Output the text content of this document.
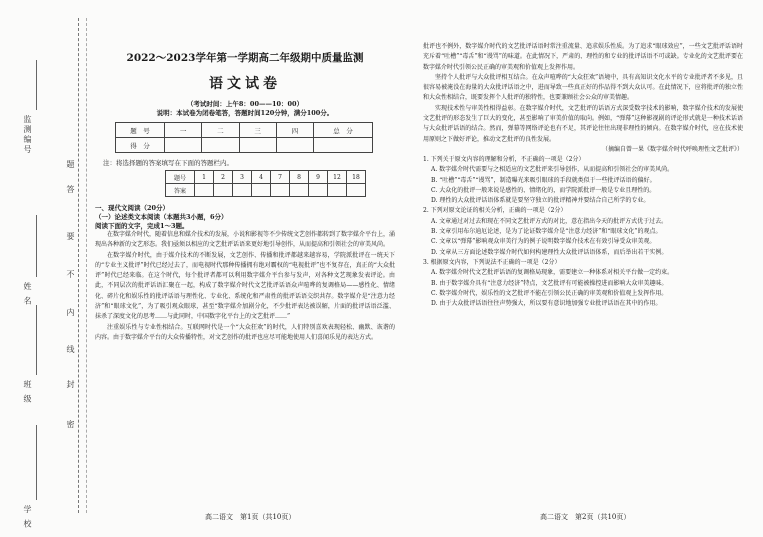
监测编号
姓 名
班 级
学 校
题
答
要
不
内
线
封
密
2022～2023学年第一学期高二年级期中质量监测
语文试卷
（考试时间：上午8：00——10：00）
说明：本试卷为闭卷笔答，答题时间120分钟，满分100分。
题　号	一	二	三	四	总　分
得　分					
注：将选择题的答案填写在下面的答题栏内。
题号	1	2	3	4	7	8	9	12	18
答案									
一、现代文阅读（20分）
（一）论述类文本阅读（本题共3小题，6分）
阅读下面的文字，完成1～3题。

在数字媒介时代，随着信息和媒介技术的发展，小说和影视等不少传统文艺创作都转到了数字媒介平台上，涌现出各种新的文艺形态。我们亟须以相应的文艺批评话语来更好地引导创作，从而提高和引领社会的审美风尚。

在数字媒介时代，由于媒介技术的不断发展，文艺创作、传播和批评都越来越容易，学院派批评在一统天下的“专业主义批评”时代已经过去了，而电视时代那种传播拥有绝对霸权的“电视批评”也不复存在，真正的“大众批评”时代已经来临。在这个时代，每个批评者都可以利用数字媒介平台参与发声，对各种文艺现象发表评论。由此，不同层次的批评话语汇聚在一起，构成了数字媒介时代文艺批评话语众声喧哗的复调格局——感性化、情绪化、碎片化和娱乐性的批评话语与理性化、专业化、系统化和严肃性的批评话语交织共存。数字媒介是“注意力经济”和“眼球文化”，为了吸引观众眼球，甚至“数字媒介加剧分化，不少批评表达被误解，片面的批评话语泛滥、抹杀了深度文化的思考……与此同时，中国数字化平台上的文艺批评……”

注重娱乐性与专业性相结合。互联网时代是一个“大众狂欢”的时代，人们特别喜欢表现轻松、幽默、诙谐的内容。由于数字媒介平台的大众传播特性，对文艺创作的批评也应尽可能地使用人们喜闻乐见的表达方式。

高二语文　第1页（共10页）

批评也不例外，数字媒介时代的文艺批评话语时常注重流量、追求娱乐性质。为了追求“眼球效应”，一些文艺批评话语时充斥着“吐槽”“毒舌”和“谩骂”的味道。在此情况下，严肃的、理性的和专业的批评话语不可或缺。专业化的文艺批评要在数字媒介时代引领公民正确的审美观和价值观上发挥作用。

坚持个人批评与大众批评相互结合。在众声喧哗的“大众狂欢”语境中，具有高知识文化水平的专业批评者不多见，且很容易被淹没在海量的大众批评话语之中，进而导致一些真正好的作品得不到大众认可。在此情况下，应将批评的独立性和大众性相结合，既要发挥个人批评的独特性，也要兼顾社会公众的审美情趣。

实现技术性与审美性相得益彰。在数字媒介时代，文艺批评的话语方式深受数字技术的影响，数字媒介技术的发展使文艺批评的形态发生了巨大的变化，甚至影响了审美价值的取向。例如，“弹幕”这种影视剧的评论形式就是一种技术话语与大众批评话语的结合。然而，弹幕等网络评论也有不足，其评论往往出现非理性的倾向。在数字媒介时代，应在技术使用原则之下做好评论，推动文艺批评的良性发展。

（摘编自曾一果《数字媒介时代呼唤理性文艺批评》）

1. 下列关于原文内容的理解和分析，不正确的一项是（2分）

A. 数字媒介时代需要与之相适应的文艺批评来引导创作，从而提高和引领社会的审美风尚。

B. “吐槽”“毒舌”“谩骂”，制造曝光来吸引眼球的手段就类似于一些批评话语的偏好。

C. 大众化的批评一般来说是感性的、情绪化的，而学院派批评一般是专业且理性的。

D. 理性的大众批评话语体系就是要坚守独立的批评精神并要结合自己所学的专业。

2. 下列对原文论证的相关分析，正确的一项是（2分）

A. 文章通过对过去和现在不同文艺批评方式的对比，意在指出今天的批评方式优于过去。

B. 文章引用布尔迪厄论述，是为了论证数字媒介是“注意力经济”和“眼球文化”的观点。

C. 文章以“弹幕”影响观众审美行为的例子说明数字媒介技术在有效引导受众审美观。

D. 文章从三方面论述数字媒介时代如何构建理性大众批评话语体系，而后举出若干实例。

3. 根据原文内容，下列说法不正确的一项是（2分）

A. 数字媒介时代文艺批评话语的复调格局现象，需要建立一种体系对相关平台做一定约束。

B. 由于数字媒介具有“注意力经济”特点，文艺批评有可能被操控进而影响大众审美趣味。

C. 数字媒介时代，娱乐性的文艺批评不能在引领公民正确的审美观和价值观上发挥作用。

D. 由于大众批评话语往往声势强大，所以要有意识地加强专业批评话语在其中的作用。

高二语文　第2页（共10页）
